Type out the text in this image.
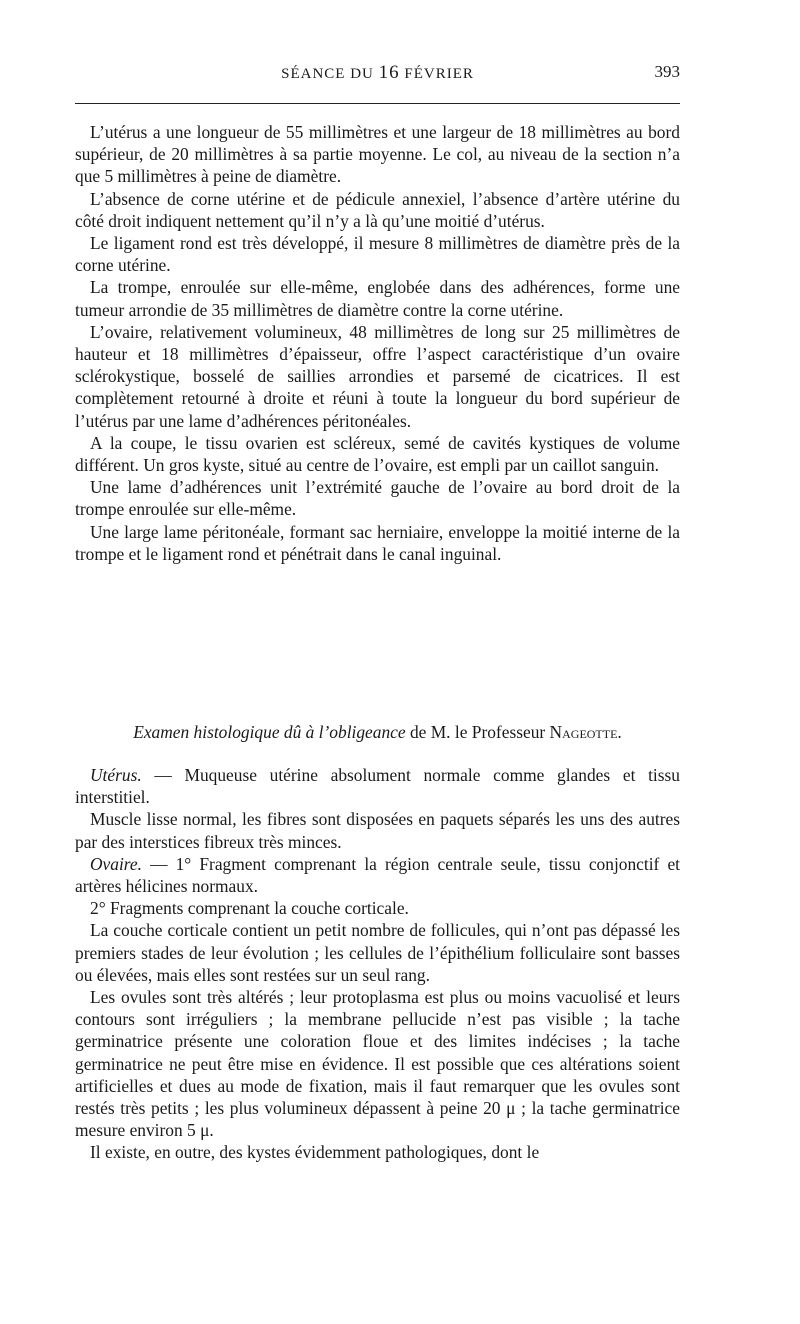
SÉANCE DU 16 FÉVRIER	393

L’utérus a une longueur de 55 millimètres et une largeur de 18 millimètres au bord supérieur, de 20 millimètres à sa partie moyenne. Le col, au niveau de la section n’a que 5 millimètres à peine de diamètre.

L’absence de corne utérine et de pédicule annexiel, l’absence d’artère utérine du côté droit indiquent nettement qu’il n’y a là qu’une moitié d’utérus.

Le ligament rond est très développé, il mesure 8 millimètres de diamètre près de la corne utérine.

La trompe, enroulée sur elle-même, englobée dans des adhérences, forme une tumeur arrondie de 35 millimètres de diamètre contre la corne utérine.

L’ovaire, relativement volumineux, 48 millimètres de long sur 25 millimètres de hauteur et 18 millimètres d’épaisseur, offre l’aspect caractéristique d’un ovaire sclérokystique, bosselé de saillies arrondies et parsemé de cicatrices. Il est complètement retourné à droite et réuni à toute la longueur du bord supérieur de l’utérus par une lame d’adhérences péritonéales.

A la coupe, le tissu ovarien est scléreux, semé de cavités kystiques de volume différent. Un gros kyste, situé au centre de l’ovaire, est empli par un caillot sanguin.

Une lame d’adhérences unit l’extrémité gauche de l’ovaire au bord droit de la trompe enroulée sur elle-même.

Une large lame péritonéale, formant sac herniaire, enveloppe la moitié interne de la trompe et le ligament rond et pénétrait dans le canal inguinal.

Examen histologique dû à l’obligeance de M. le Professeur Nageotte.

Utérus. — Muqueuse utérine absolument normale comme glandes et tissu interstitiel.

Muscle lisse normal, les fibres sont disposées en paquets séparés les uns des autres par des interstices fibreux très minces.

Ovaire. — 1° Fragment comprenant la région centrale seule, tissu conjonctif et artères hélicines normaux.

2° Fragments comprenant la couche corticale.

La couche corticale contient un petit nombre de follicules, qui n’ont pas dépassé les premiers stades de leur évolution ; les cellules de l’épithélium folliculaire sont basses ou élevées, mais elles sont restées sur un seul rang.

Les ovules sont très altérés ; leur protoplasma est plus ou moins vacuolisé et leurs contours sont irréguliers ; la membrane pellucide n’est pas visible ; la tache germinatrice présente une coloration floue et des limites indécises ; la tache germinatrice ne peut être mise en évidence. Il est possible que ces altérations soient artificielles et dues au mode de fixation, mais il faut remarquer que les ovules sont restés très petits ; les plus volumineux dépassent à peine 20 μ ; la tache germinatrice mesure environ 5 μ.

Il existe, en outre, des kystes évidemment pathologiques, dont le
